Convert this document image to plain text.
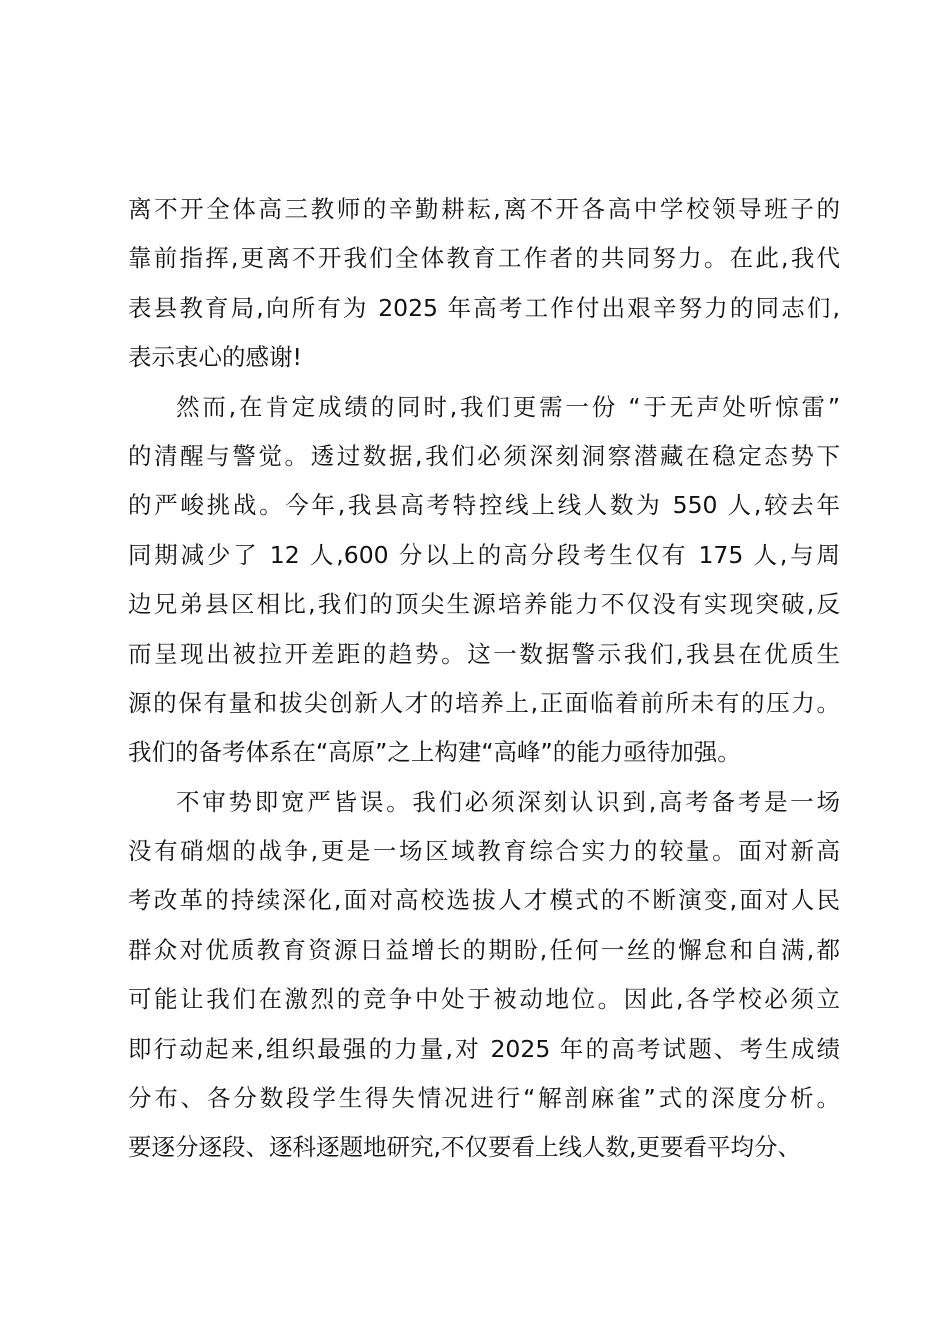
离不开全体高三教师的辛勤耕耘,离不开各高中学校领导班子的
靠前指挥,更离不开我们全体教育工作者的共同努力。在此,我代
表县教育局,向所有为 2025 年高考工作付出艰辛努力的同志们,
表示衷心的感谢!
然而,在肯定成绩的同时,我们更需一份 “于无声处听惊雷”
的清醒与警觉。透过数据,我们必须深刻洞察潜藏在稳定态势下
的严峻挑战。今年,我县高考特控线上线人数为 550 人,较去年
同期减少了 12 人,600 分以上的高分段考生仅有 175 人,与周
边兄弟县区相比,我们的顶尖生源培养能力不仅没有实现突破,反
而呈现出被拉开差距的趋势。这一数据警示我们,我县在优质生
源的保有量和拔尖创新人才的培养上,正面临着前所未有的压力。
我们的备考体系在“高原”之上构建“高峰”的能力亟待加强。
不审势即宽严皆误。我们必须深刻认识到,高考备考是一场
没有硝烟的战争,更是一场区域教育综合实力的较量。面对新高
考改革的持续深化,面对高校选拔人才模式的不断演变,面对人民
群众对优质教育资源日益增长的期盼,任何一丝的懈怠和自满,都
可能让我们在激烈的竞争中处于被动地位。因此,各学校必须立
即行动起来,组织最强的力量,对 2025 年的高考试题、考生成绩
分布、各分数段学生得失情况进行“解剖麻雀”式的深度分析。
要逐分逐段、逐科逐题地研究,不仅要看上线人数,更要看平均分、
